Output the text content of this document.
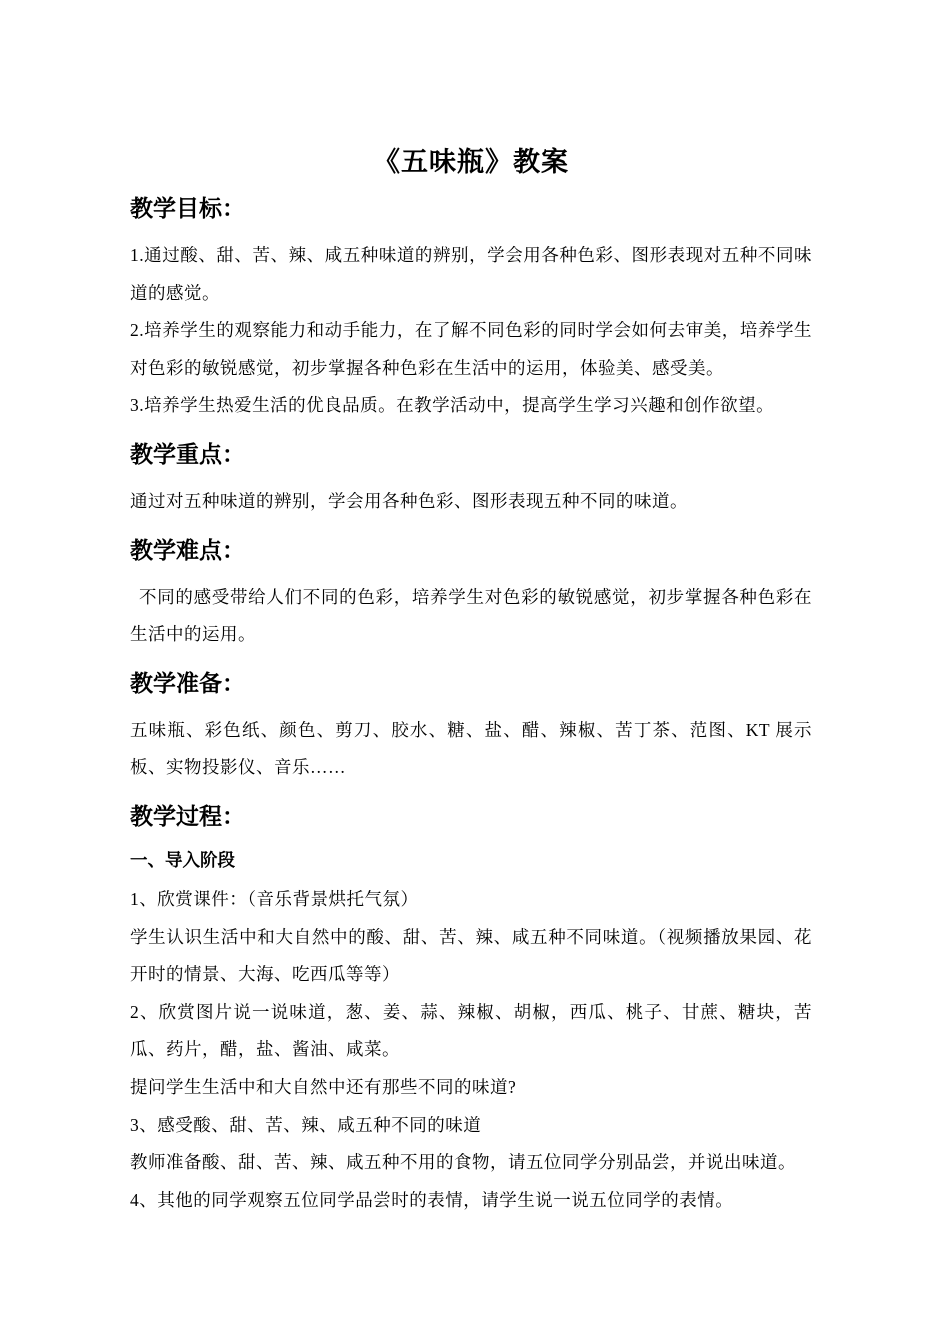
《五味瓶》教案
教学目标：

1.通过酸、甜、苦、辣、咸五种味道的辨别，学会用各种色彩、图形表现对五种不同味道的感觉。

2.培养学生的观察能力和动手能力，在了解不同色彩的同时学会如何去审美，培养学生对色彩的敏锐感觉，初步掌握各种色彩在生活中的运用，体验美、感受美。

3.培养学生热爱生活的优良品质。在教学活动中，提高学生学习兴趣和创作欲望。

教学重点：

通过对五种味道的辨别，学会用各种色彩、图形表现五种不同的味道。

教学难点：

不同的感受带给人们不同的色彩，培养学生对色彩的敏锐感觉，初步掌握各种色彩在生活中的运用。

教学准备：

五味瓶、彩色纸、颜色、剪刀、胶水、糖、盐、醋、辣椒、苦丁茶、范图、KT 展示板、实物投影仪、音乐……

教学过程：
一、导入阶段

1、欣赏课件：（音乐背景烘托气氛）

学生认识生活中和大自然中的酸、甜、苦、辣、咸五种不同味道。（视频播放果园、花开时的情景、大海、吃西瓜等等）

2、欣赏图片说一说味道，葱、姜、蒜、辣椒、胡椒，西瓜、桃子、甘蔗、糖块，苦瓜、药片，醋，盐、酱油、咸菜。

提问学生生活中和大自然中还有那些不同的味道?

3、感受酸、甜、苦、辣、咸五种不同的味道

教师准备酸、甜、苦、辣、咸五种不用的食物，请五位同学分别品尝，并说出味道。

4、其他的同学观察五位同学品尝时的表情，请学生说一说五位同学的表情。
